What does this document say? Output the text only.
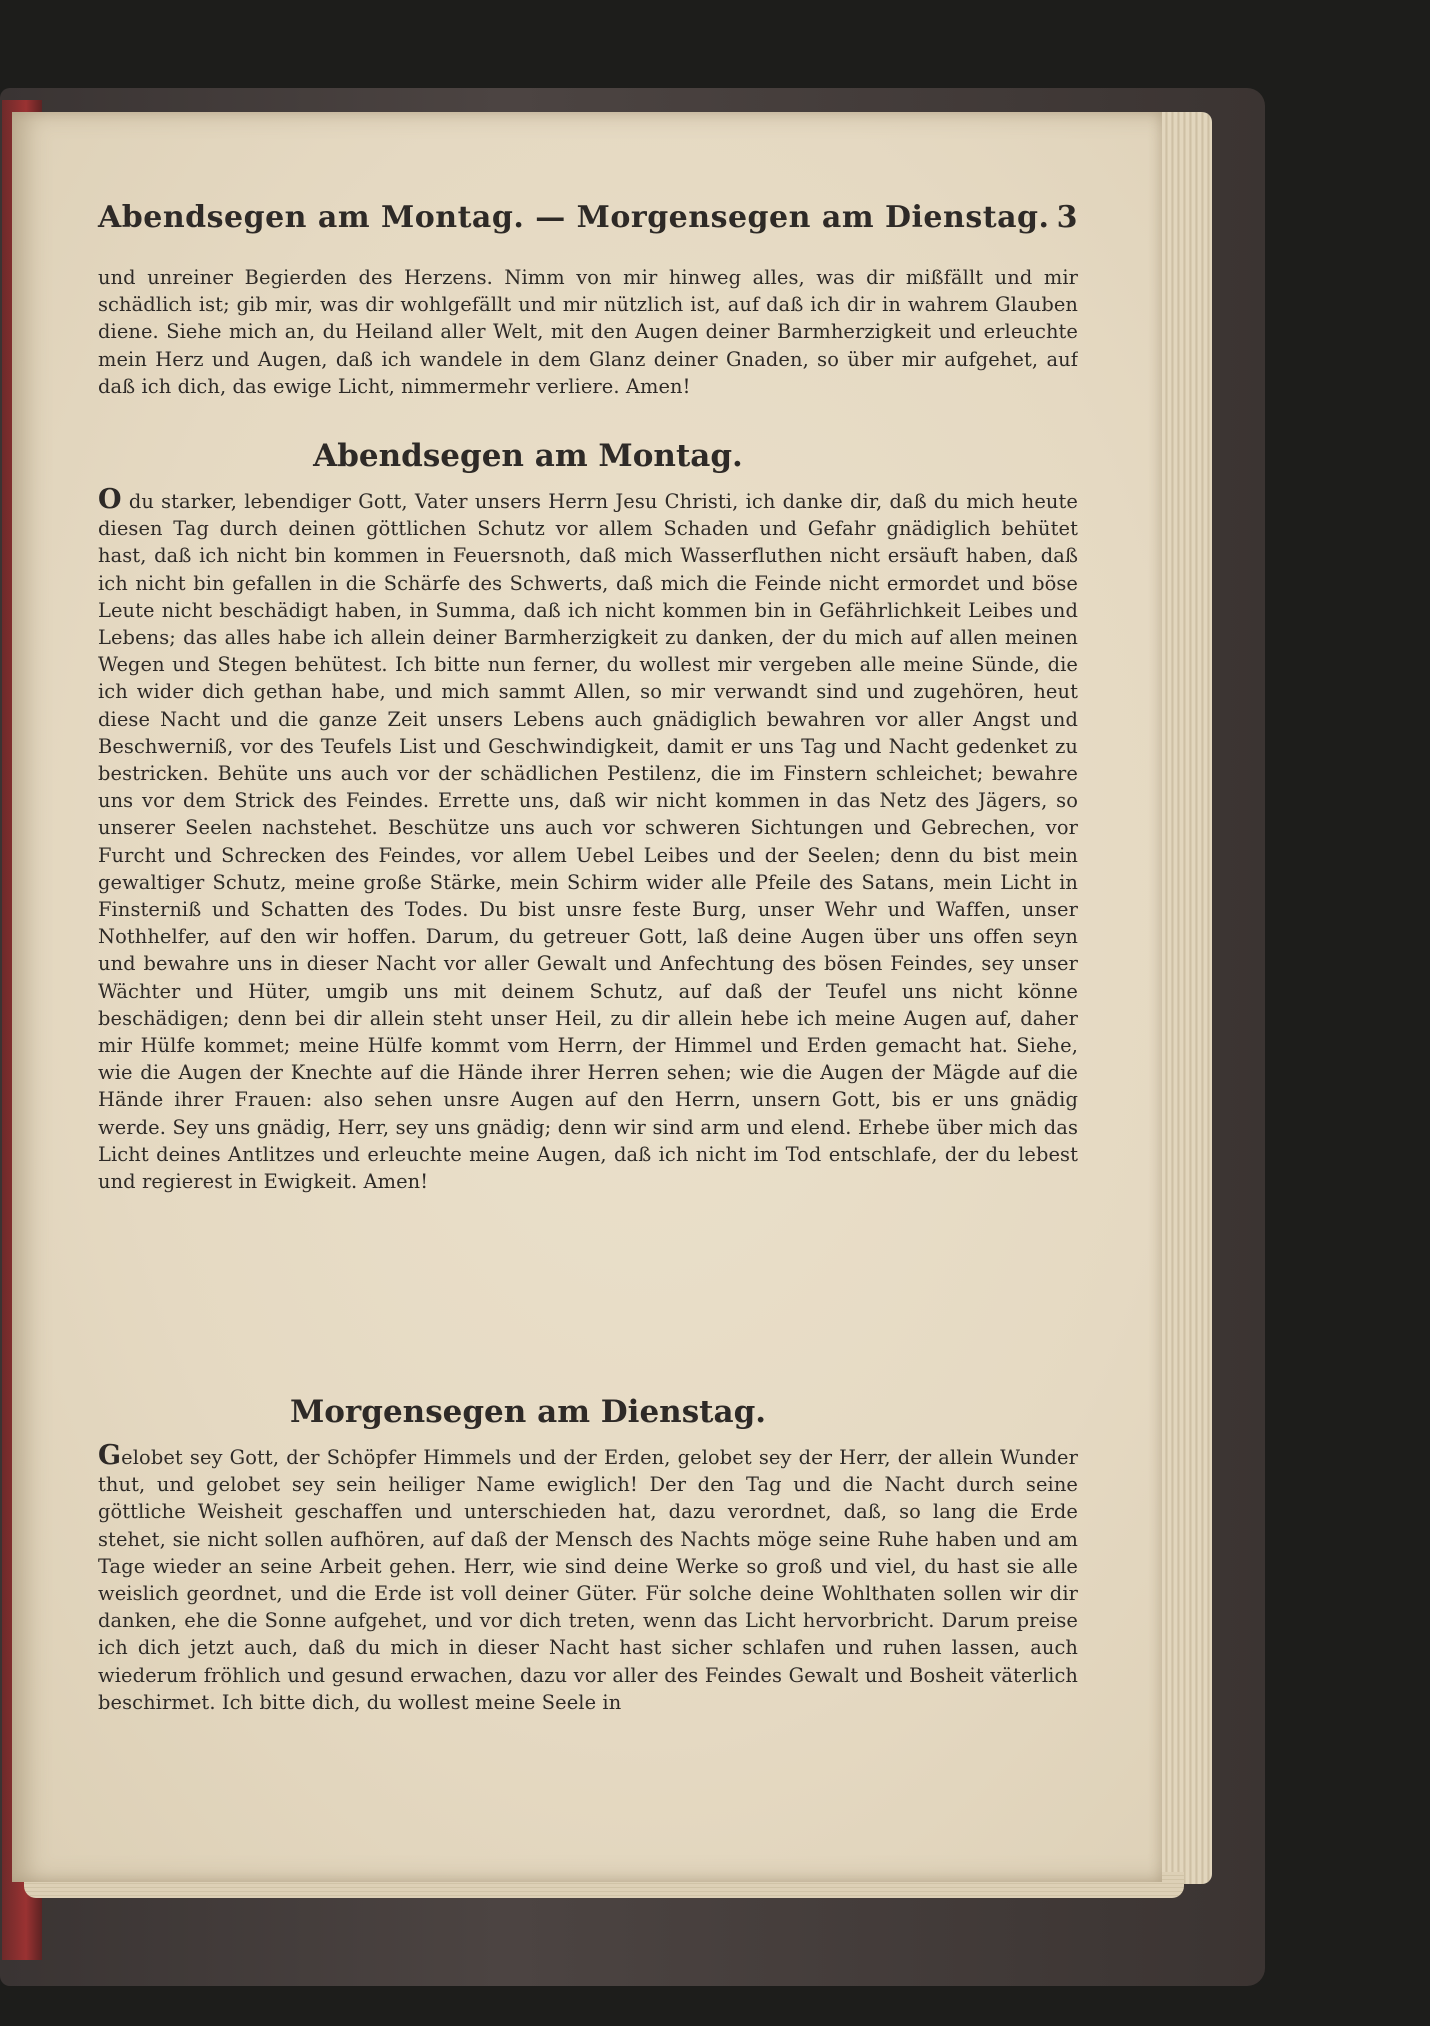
Abendsegen am Montag. — Morgensegen am Dienstag. 3

und unreiner Begierden des Herzens. Nimm von mir hinweg alles, was dir mißfällt und mir schädlich ist; gib mir, was dir wohlgefällt und mir nützlich ist, auf daß ich dir in wahrem Glauben diene. Siehe mich an, du Heiland aller Welt, mit den Augen deiner Barmherzigkeit und erleuchte mein Herz und Augen, daß ich wandele in dem Glanz deiner Gnaden, so über mir aufgehet, auf daß ich dich, das ewige Licht, nimmermehr verliere. Amen!

Abendsegen am Montag.

O du starker, lebendiger Gott, Vater unsers Herrn Jesu Christi, ich danke dir, daß du mich heute diesen Tag durch deinen göttlichen Schutz vor allem Schaden und Gefahr gnädiglich behütet hast, daß ich nicht bin kommen in Feuersnoth, daß mich Wasserfluthen nicht ersäuft haben, daß ich nicht bin gefallen in die Schärfe des Schwerts, daß mich die Feinde nicht ermordet und böse Leute nicht beschädigt haben, in Summa, daß ich nicht kommen bin in Gefährlichkeit Leibes und Lebens; das alles habe ich allein deiner Barmherzigkeit zu danken, der du mich auf allen meinen Wegen und Stegen behütest. Ich bitte nun ferner, du wollest mir vergeben alle meine Sünde, die ich wider dich gethan habe, und mich sammt Allen, so mir verwandt sind und zugehören, heut diese Nacht und die ganze Zeit unsers Lebens auch gnädiglich bewahren vor aller Angst und Beschwerniß, vor des Teufels List und Geschwindigkeit, damit er uns Tag und Nacht gedenket zu bestricken. Behüte uns auch vor der schädlichen Pestilenz, die im Finstern schleichet; bewahre uns vor dem Strick des Feindes. Errette uns, daß wir nicht kommen in das Netz des Jägers, so unserer Seelen nachstehet. Beschütze uns auch vor schweren Sichtungen und Gebrechen, vor Furcht und Schrecken des Feindes, vor allem Uebel Leibes und der Seelen; denn du bist mein gewaltiger Schutz, meine große Stärke, mein Schirm wider alle Pfeile des Satans, mein Licht in Finsterniß und Schatten des Todes. Du bist unsre feste Burg, unser Wehr und Waffen, unser Nothhelfer, auf den wir hoffen. Darum, du getreuer Gott, laß deine Augen über uns offen seyn und bewahre uns in dieser Nacht vor aller Gewalt und Anfechtung des bösen Feindes, sey unser Wächter und Hüter, umgib uns mit deinem Schutz, auf daß der Teufel uns nicht könne beschädigen; denn bei dir allein steht unser Heil, zu dir allein hebe ich meine Augen auf, daher mir Hülfe kommet; meine Hülfe kommt vom Herrn, der Himmel und Erden gemacht hat. Siehe, wie die Augen der Knechte auf die Hände ihrer Herren sehen; wie die Augen der Mägde auf die Hände ihrer Frauen: also sehen unsre Augen auf den Herrn, unsern Gott, bis er uns gnädig werde. Sey uns gnädig, Herr, sey uns gnädig; denn wir sind arm und elend. Erhebe über mich das Licht deines Antlitzes und erleuchte meine Augen, daß ich nicht im Tod entschlafe, der du lebest und regierest in Ewigkeit. Amen!

Morgensegen am Dienstag.

Gelobet sey Gott, der Schöpfer Himmels und der Erden, gelobet sey der Herr, der allein Wunder thut, und gelobet sey sein heiliger Name ewiglich! Der den Tag und die Nacht durch seine göttliche Weisheit geschaffen und unterschieden hat, dazu verordnet, daß, so lang die Erde stehet, sie nicht sollen aufhören, auf daß der Mensch des Nachts möge seine Ruhe haben und am Tage wieder an seine Arbeit gehen. Herr, wie sind deine Werke so groß und viel, du hast sie alle weislich geordnet, und die Erde ist voll deiner Güter. Für solche deine Wohlthaten sollen wir dir danken, ehe die Sonne aufgehet, und vor dich treten, wenn das Licht hervorbricht. Darum preise ich dich jetzt auch, daß du mich in dieser Nacht hast sicher schlafen und ruhen lassen, auch wiederum fröhlich und gesund erwachen, dazu vor aller des Feindes Gewalt und Bosheit väterlich beschirmet. Ich bitte dich, du wollest meine Seele in
